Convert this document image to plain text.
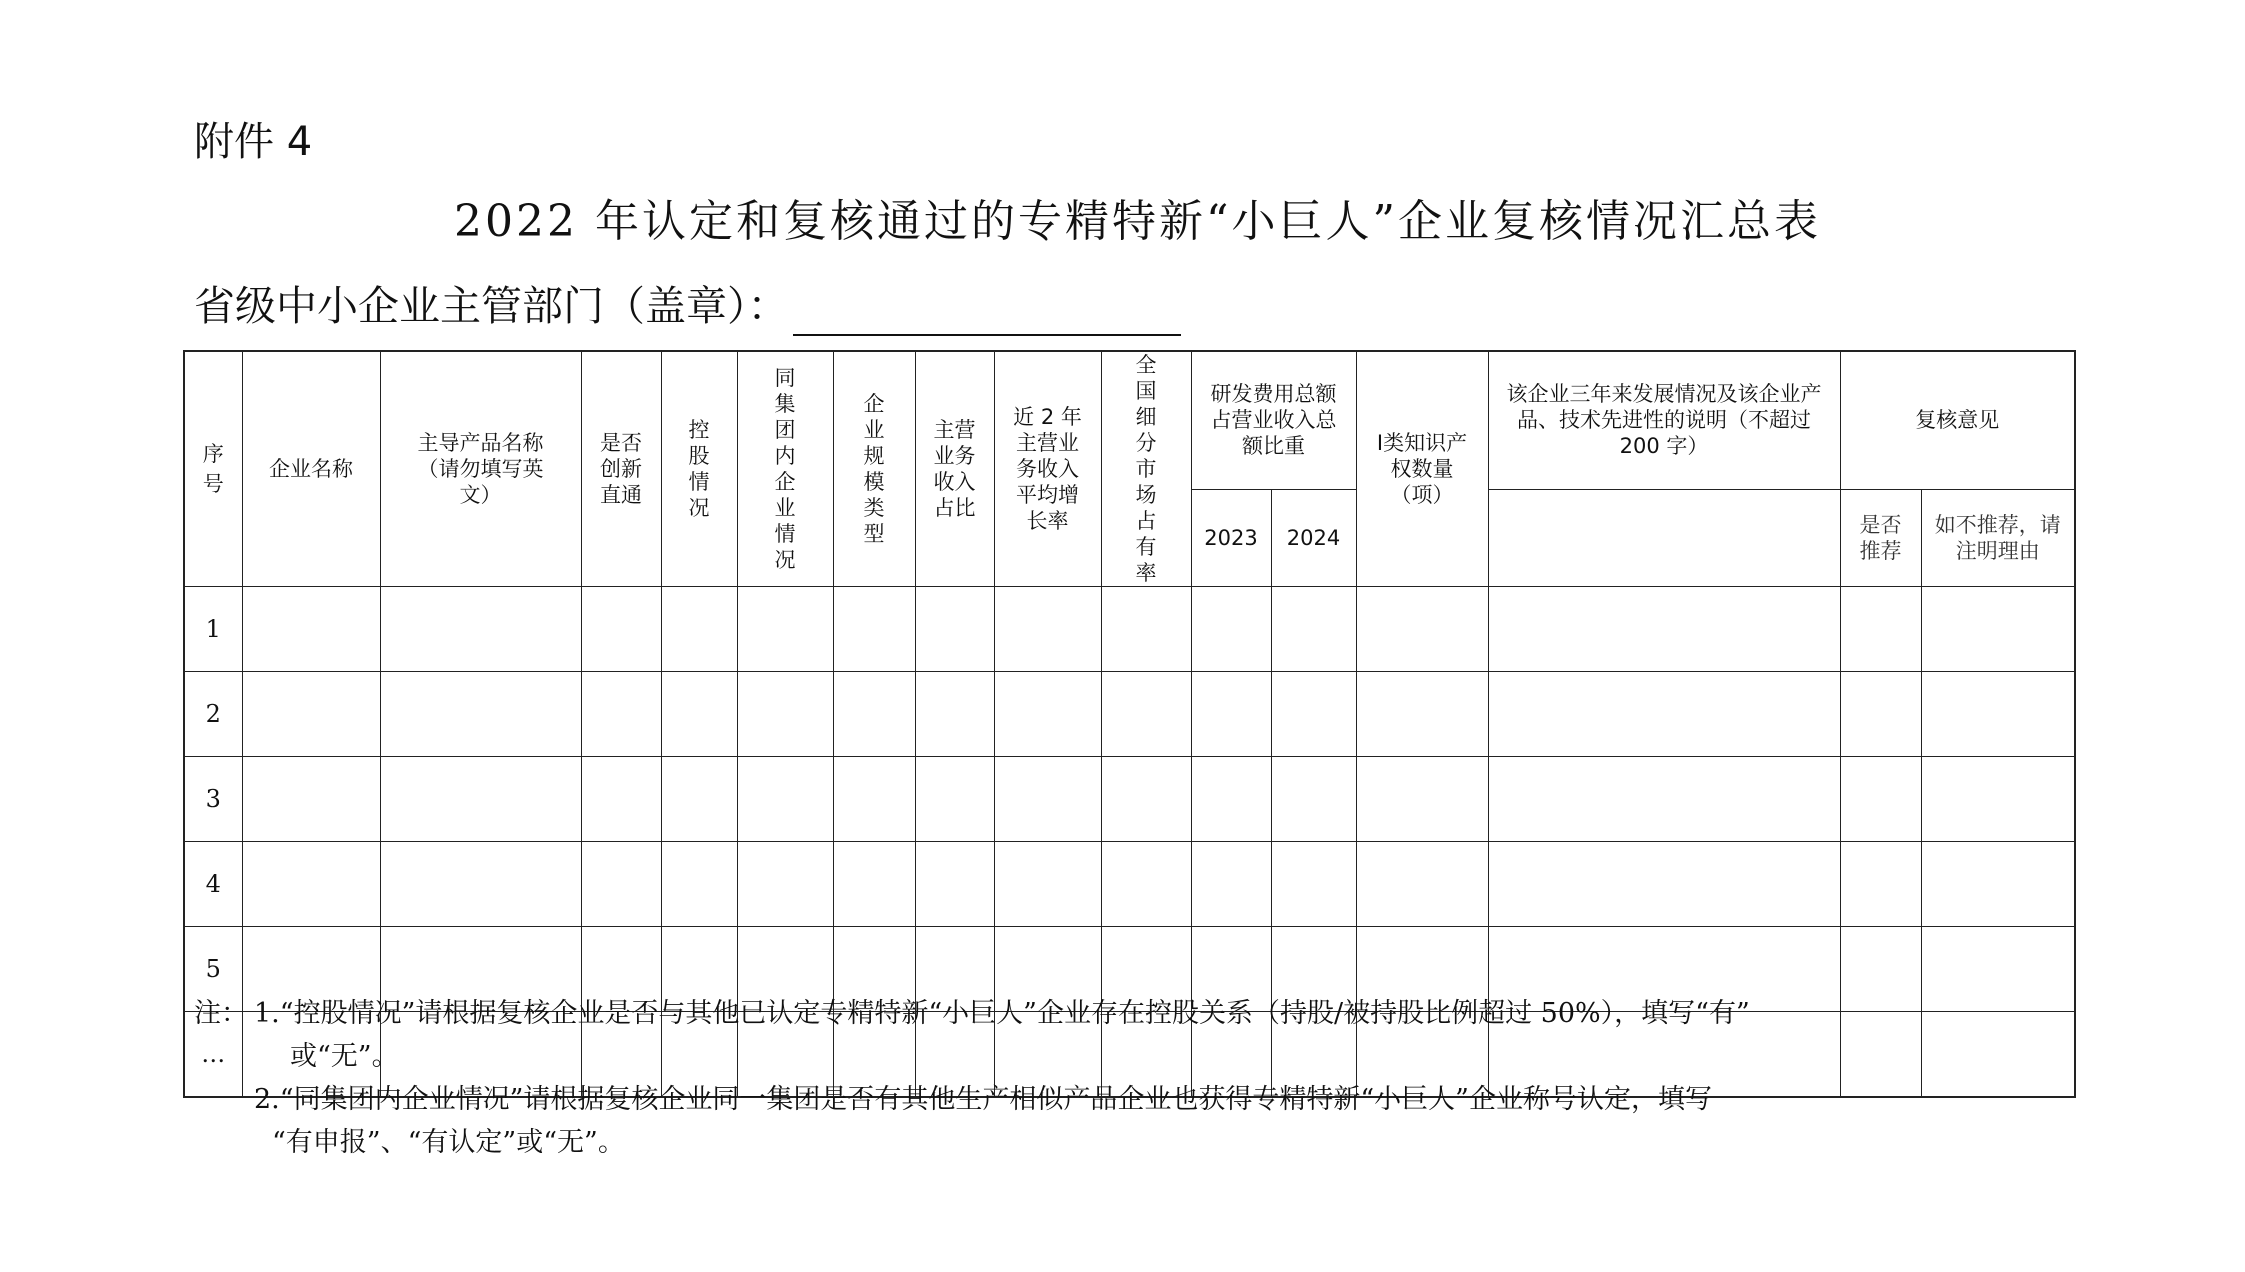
附件 4
2022 年认定和复核通过的专精特新“小巨人”企业复核情况汇总表
省级中小企业主管部门（盖章）：
序号	企业名称	主导产品名称（请勿填写英文）	是否创新直通	控股情况	同集团内企业情况	企业规模类型	主营业务收入占比	近 2 年主营业务收入平均增长率	全国细分市场占有率	研发费用总额占营业收入总额比重		Ⅰ类知识产权数量（项）	该企业三年来发展情况及该企业产品、技术先进性的说明（不超过 200 字）	复核意见	
										2023	2024			是否推荐	如不推荐，请注明理由

1															
2															
3															
4															
5															
…															
注： 1.“控股情况”请根据复核企业是否与其他已认定专精特新“小巨人”企业存在控股关系（持股/被持股比例超过 50%），填写“有”
或“无”。
2.“同集团内企业情况”请根据复核企业同一集团是否有其他生产相似产品企业也获得专精特新“小巨人”企业称号认定，填写
“有申报”、“有认定”或“无”。
